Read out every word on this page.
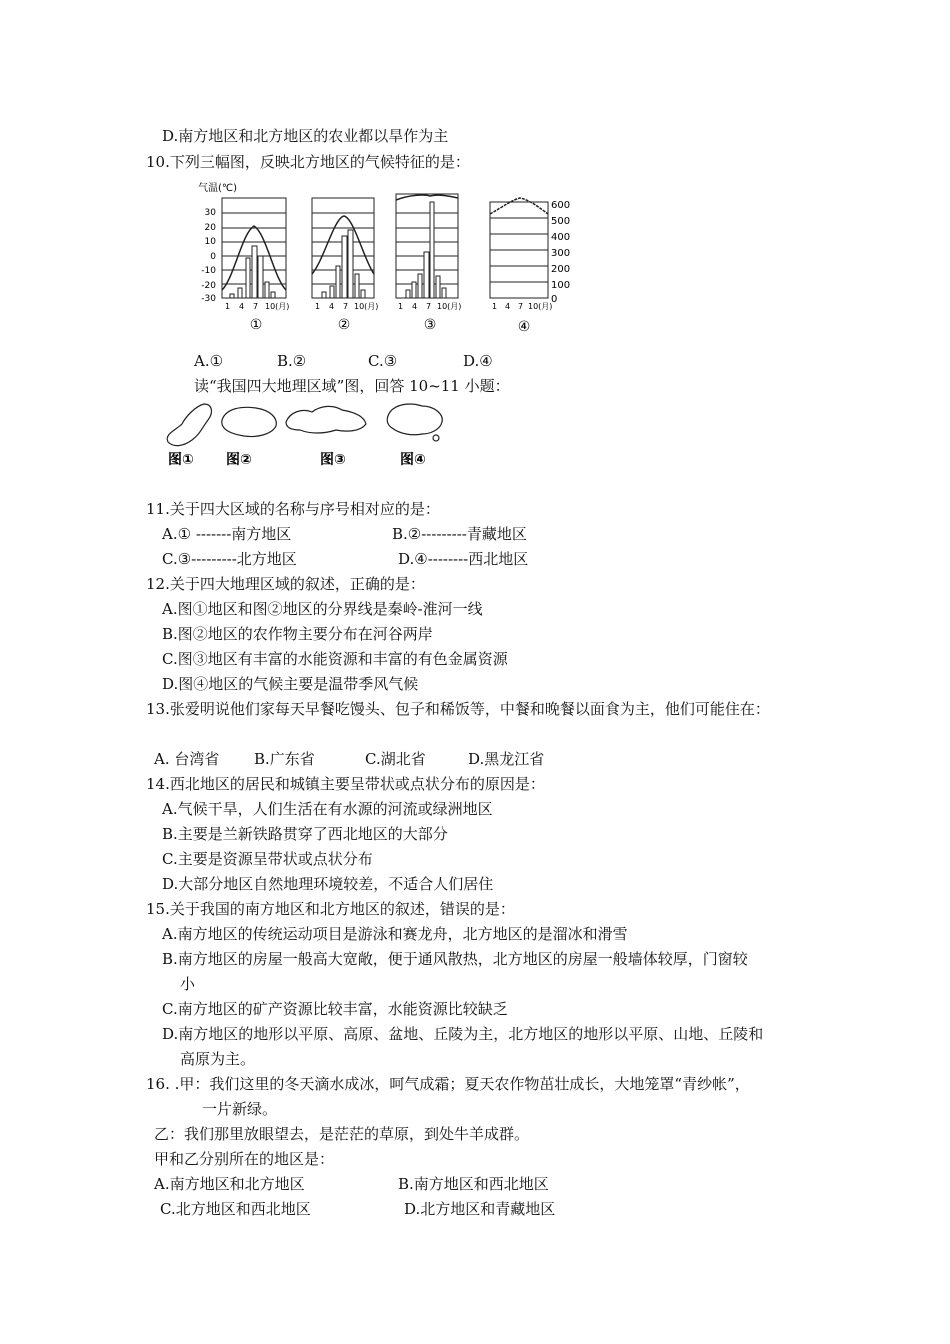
D.南方地区和北方地区的农业都以旱作为主
10.下列三幅图，反映北方地区的气候特征的是：
气温(℃)
30
20
10
0
-10
-20
-30
600
500
400
300
200
100
0
1 4 7 10(月)	1 4 7 10(月) 1 4 7 10(月)	1 4 7 10(月)
①	②	③	④
A.①	B.②	C.③	D.④
读“我国四大地理区域”图，回答 10~11 小题：
图① 图②	图③	图④
11.关于四大区域的名称与序号相对应的是：
A.① -------南方地区	B.②---------青藏地区
C.③---------北方地区	D.④--------西北地区
12.关于四大地理区域的叙述，正确的是：
A.图①地区和图②地区的分界线是秦岭-淮河一线
B.图②地区的农作物主要分布在河谷两岸
C.图③地区有丰富的水能资源和丰富的有色金属资源
D.图④地区的气候主要是温带季风气候
13.张爱明说他们家每天早餐吃馒头、包子和稀饭等，中餐和晚餐以面食为主，他们可能住在：
A. 台湾省 B.广东省	C.湖北省	D.黑龙江省
14.西北地区的居民和城镇主要呈带状或点状分布的原因是：
A.气候干旱，人们生活在有水源的河流或绿洲地区
B.主要是兰新铁路贯穿了西北地区的大部分
C.主要是资源呈带状或点状分布
D.大部分地区自然地理环境较差，不适合人们居住
15.关于我国的南方地区和北方地区的叙述，错误的是：
A.南方地区的传统运动项目是游泳和赛龙舟，北方地区的是溜冰和滑雪
B.南方地区的房屋一般高大宽敞，便于通风散热，北方地区的房屋一般墙体较厚，门窗较
小
C.南方地区的矿产资源比较丰富，水能资源比较缺乏
D.南方地区的地形以平原、高原、盆地、丘陵为主，北方地区的地形以平原、山地、丘陵和
高原为主。
16. .甲：我们这里的冬天滴水成冰，呵气成霜；夏天农作物茁壮成长，大地笼罩“青纱帐”，
一片新绿。
乙：我们那里放眼望去，是茫茫的草原，到处牛羊成群。
甲和乙分别所在的地区是：
A.南方地区和北方地区	B.南方地区和西北地区
C.北方地区和西北地区	D.北方地区和青藏地区
